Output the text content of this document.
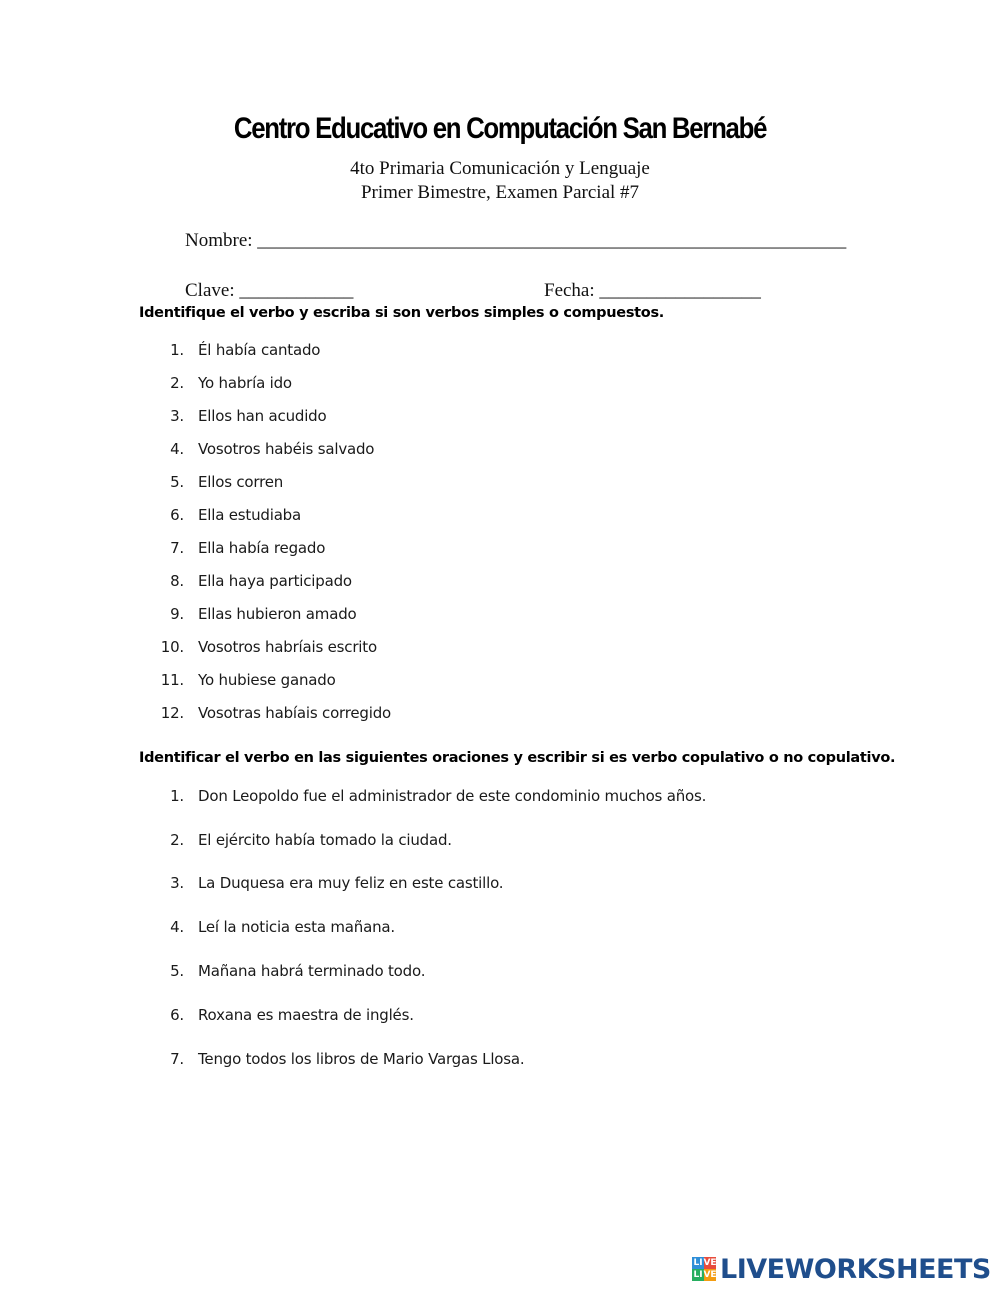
Centro Educativo en Computación San Bernabé
4to Primaria Comunicación y Lenguaje
Primer Bimestre, Examen Parcial #7
Nombre: ______________________________________________________________
Clave: ____________	Fecha: _________________
Identifique el verbo y escriba si son verbos simples o compuestos.
1. Él había cantado
2. Yo habría ido
3. Ellos han acudido
4. Vosotros habéis salvado
5. Ellos corren
6. Ella estudiaba
7. Ella había regado
8. Ella haya participado
9. Ellas hubieron amado
10. Vosotros habríais escrito
11. Yo hubiese ganado
12. Vosotras habíais corregido
Identificar el verbo en las siguientes oraciones y escribir si es verbo copulativo o no copulativo.
1. Don Leopoldo fue el administrador de este condominio muchos años.
2. El ejército había tomado la ciudad.
3. La Duquesa era muy feliz en este castillo.
4. Leí la noticia esta mañana.
5. Mañana habrá terminado todo.
6. Roxana es maestra de inglés.
7. Tengo todos los libros de Mario Vargas Llosa.
LI VE
LI VE LIVEWORKSHEETS
